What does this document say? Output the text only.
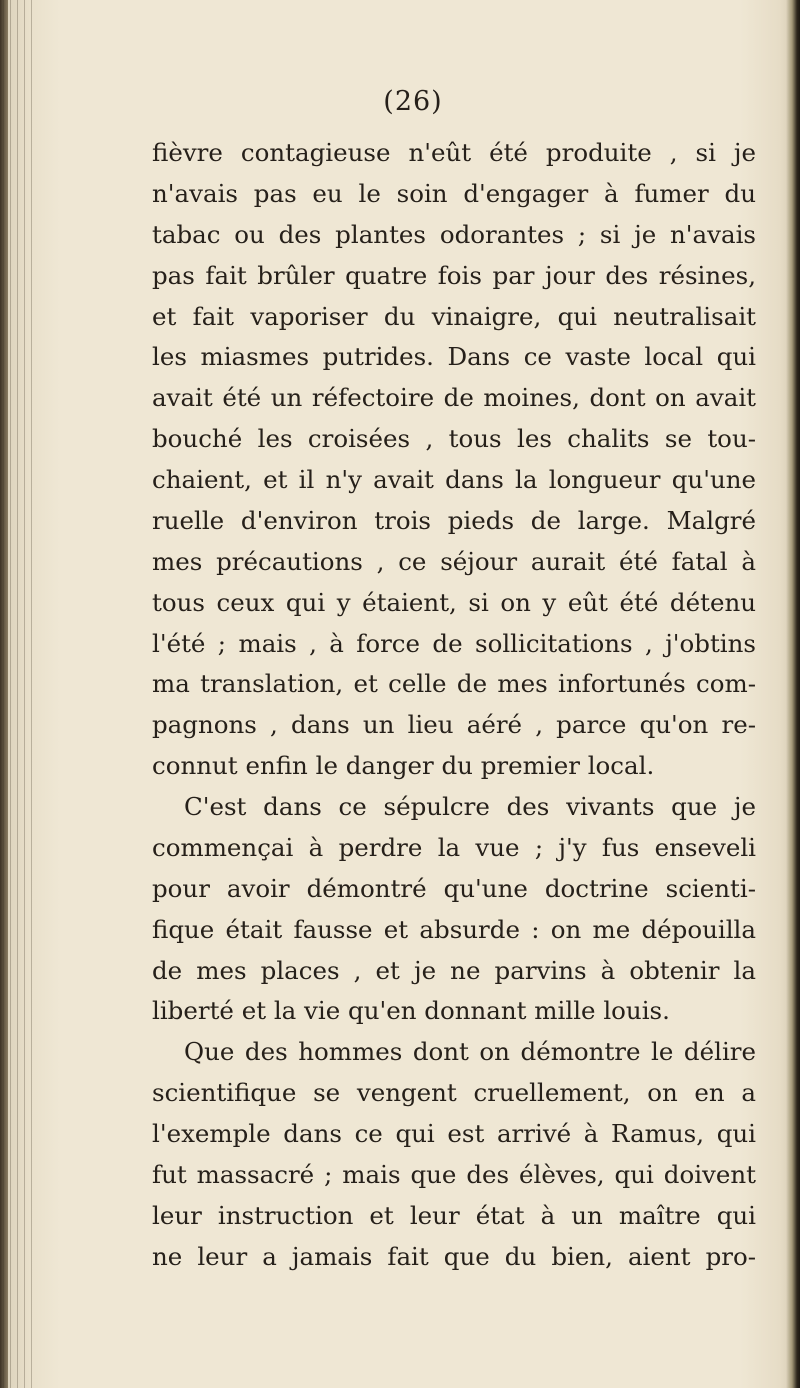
(26)
fièvre contagieuse n'eût été produite , si je
n'avais pas eu le soin d'engager à fumer du
tabac ou des plantes odorantes ; si je n'avais
pas fait brûler quatre fois par jour des résines,
et fait vaporiser du vinaigre, qui neutralisait
les miasmes putrides. Dans ce vaste local qui
avait été un réfectoire de moines, dont on avait
bouché les croisées , tous les chalits se tou-
chaient, et il n'y avait dans la longueur qu'une
ruelle d'environ trois pieds de large. Malgré
mes précautions , ce séjour aurait été fatal à
tous ceux qui y étaient, si on y eût été détenu
l'été ; mais , à force de sollicitations , j'obtins
ma translation, et celle de mes infortunés com-
pagnons , dans un lieu aéré , parce qu'on re-
connut enfin le danger du premier local.
C'est dans ce sépulcre des vivants que je
commençai à perdre la vue ; j'y fus enseveli
pour avoir démontré qu'une doctrine scienti-
fique était fausse et absurde : on me dépouilla
de mes places , et je ne parvins à obtenir la
liberté et la vie qu'en donnant mille louis.
Que des hommes dont on démontre le délire
scientifique se vengent cruellement, on en a
l'exemple dans ce qui est arrivé à Ramus, qui
fut massacré ; mais que des élèves, qui doivent
leur instruction et leur état à un maître qui
ne leur a jamais fait que du bien, aient pro-
